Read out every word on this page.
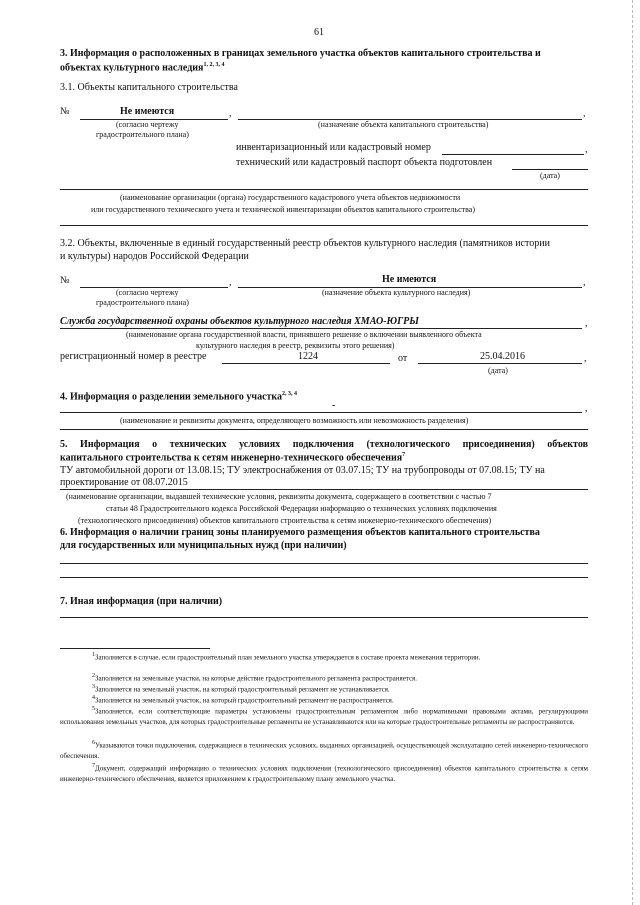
61
3. Информация о расположенных в границах земельного участка объектов капитального строительства и
объектах культурного наследия$^{1, 2, 3, 4}$
3.1. Объекты капитального строительства
№	Не имеются	,	,
(согласно чертежу
градостроительного плана)
(назначение объекта капитального строительства)
инвентаризационный или кадастровый номер	,
технический или кадастровый паспорт объекта подготовлен
(дата)
(наименование организации (органа) государственного кадастрового учета объектов недвижимости
или государственного технического учета и технической инвентаризации объектов капитального строительства)
3.2. Объекты, включенные в единый государственный реестр объектов культурного наследия (памятников истории
и культуры) народов Российской Федерации
№	,	Не имеются	,
(согласно чертежу
градостроительного плана)
(назначение объекта культурного наследия)
Служба государственной охраны объектов культурного наследия ХМАО-ЮГРЫ	,
(наименование органа государственной власти, принявшего решение о включении выявленного объекта
культурного наследия в реестр, реквизиты этого решения)
регистрационный номер в реестре	1224	от	25.04.2016	,
(дата)
4. Информация о разделении земельного участка$^{2, 3, 4}$
-	,
(наименование и реквизиты документа, определяющего возможность или невозможность разделения)
5. Информация о технических условиях подключения (технологического присоединения) объектов
капитального строительства к сетям инженерно-технического обеспечения$^7$
ТУ автомобильной дороги от 13.08.15; ТУ электроснабжения от 03.07.15; ТУ на трубопроводы от 07.08.15; ТУ на
проектирование от 08.07.2015
(наименование организации, выдавшей технические условия, реквизиты документа, содержащего в соответствии с частью 7
статьи 48 Градостроительного кодекса Российской Федерации информацию о технических условиях подключения
(технологического присоединения) объектов капитального строительства к сетям инженерно-технического обеспечения)
6. Информация о наличии границ зоны планируемого размещения объектов капитального строительства
для государственных или муниципальных нужд (при наличии)
7. Иная информация (при наличии)
$^1$Заполняется в случае, если градостроительный план земельного участка утверждается в составе проекта межевания территории.
$^2$Заполняется на земельные участки, на которые действие градостроительного регламента распространяется.
$^3$Заполняется на земельный участок, на который градостроительный регламент не устанавливается.
$^4$Заполняется на земельный участок, на который градостроительный регламент не распространяется.
$^5$Заполняется, если соответствующие параметры установлены градостроительным регламентом либо нормативными правовыми актами, регулирующими использования земельных участков, для которых градостроительные регламенты не устанавливаются или на которые градостроительные регламенты не распространяются.
$^6$Указываются точки подключения, содержащиеся в технических условиях, выданных организацией, осуществляющей эксплуатацию сетей инженерно-технического обеспечения.
$^7$Документ, содержащий информацию о технических условиях подключения (технологического присоединения) объектов капитального строительства к сетям инженерно-технического обеспечения, является приложением к градостроительному плану земельного участка.
